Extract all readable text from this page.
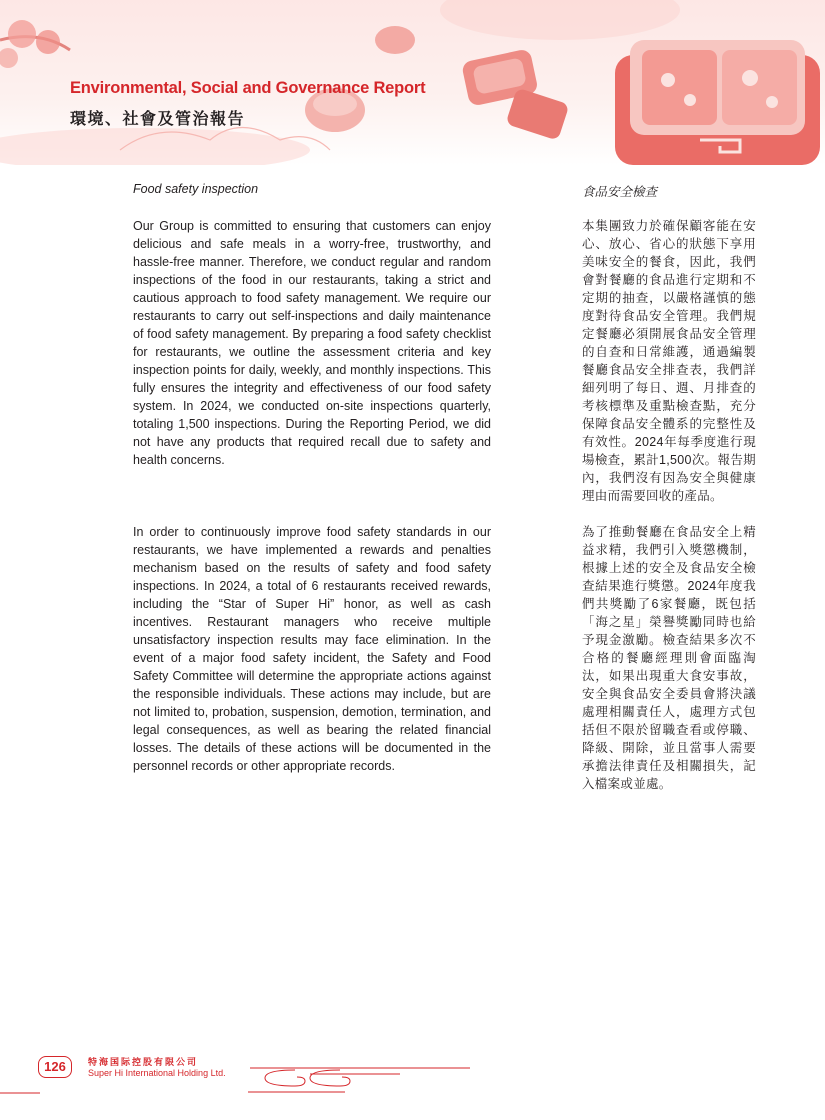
Environmental, Social and Governance Report
環境、社會及管治報告
Food safety inspection	食品安全檢查

Our Group is committed to ensuring that customers can enjoy delicious and safe meals in a worry-free, trustworthy, and hassle-free manner. Therefore, we conduct regular and random inspections of the food in our restaurants, taking a strict and cautious approach to food safety management. We require our restaurants to carry out self-inspections and daily maintenance of food safety management. By preparing a food safety checklist for restaurants, we outline the assessment criteria and key inspection points for daily, weekly, and monthly inspections. This fully ensures the integrity and effectiveness of our food safety system. In 2024, we conducted on-site inspections quarterly, totaling 1,500 inspections. During the Reporting Period, we did not have any products that required recall due to safety and health concerns.

In order to continuously improve food safety standards in our restaurants, we have implemented a rewards and penalties mechanism based on the results of safety and food safety inspections. In 2024, a total of 6 restaurants received rewards, including the “Star of Super Hi” honor, as well as cash incentives. Restaurant managers who receive multiple unsatisfactory inspection results may face elimination. In the event of a major food safety incident, the Safety and Food Safety Committee will determine the appropriate actions against the responsible individuals. These actions may include, but are not limited to, probation, suspension, demotion, termination, and legal consequences, as well as bearing the related financial losses. The details of these actions will be documented in the personnel records or other appropriate records.

本集團致力於確保顧客能在安心、放心、省心的狀態下享用美味安全的餐食，因此，我們會對餐廳的食品進行定期和不定期的抽查，以嚴格謹慎的態度對待食品安全管理。我們規定餐廳必須開展食品安全管理的自查和日常維護，通過編製餐廳食品安全排查表，我們詳細列明了每日、週、月排查的考核標準及重點檢查點，充分保障食品安全體系的完整性及有效性。2024年每季度進行現場檢查，累計1,500次。報告期內，我們沒有因為安全與健康理由而需要回收的產品。

為了推動餐廳在食品安全上精益求精，我們引入獎懲機制，根據上述的安全及食品安全檢查結果進行獎懲。2024年度我們共獎勵了6家餐廳，既包括「海之星」榮譽獎勵同時也給予現金激勵。檢查結果多次不合格的餐廳經理則會面臨淘汰，如果出現重大食安事故，安全與食品安全委員會將決議處理相關責任人，處理方式包括但不限於留職查看或停職、降級、開除，並且當事人需要承擔法律責任及相關損失，記入檔案或並處。

126	特海国际控股有限公司

Super Hi International Holding Ltd.
